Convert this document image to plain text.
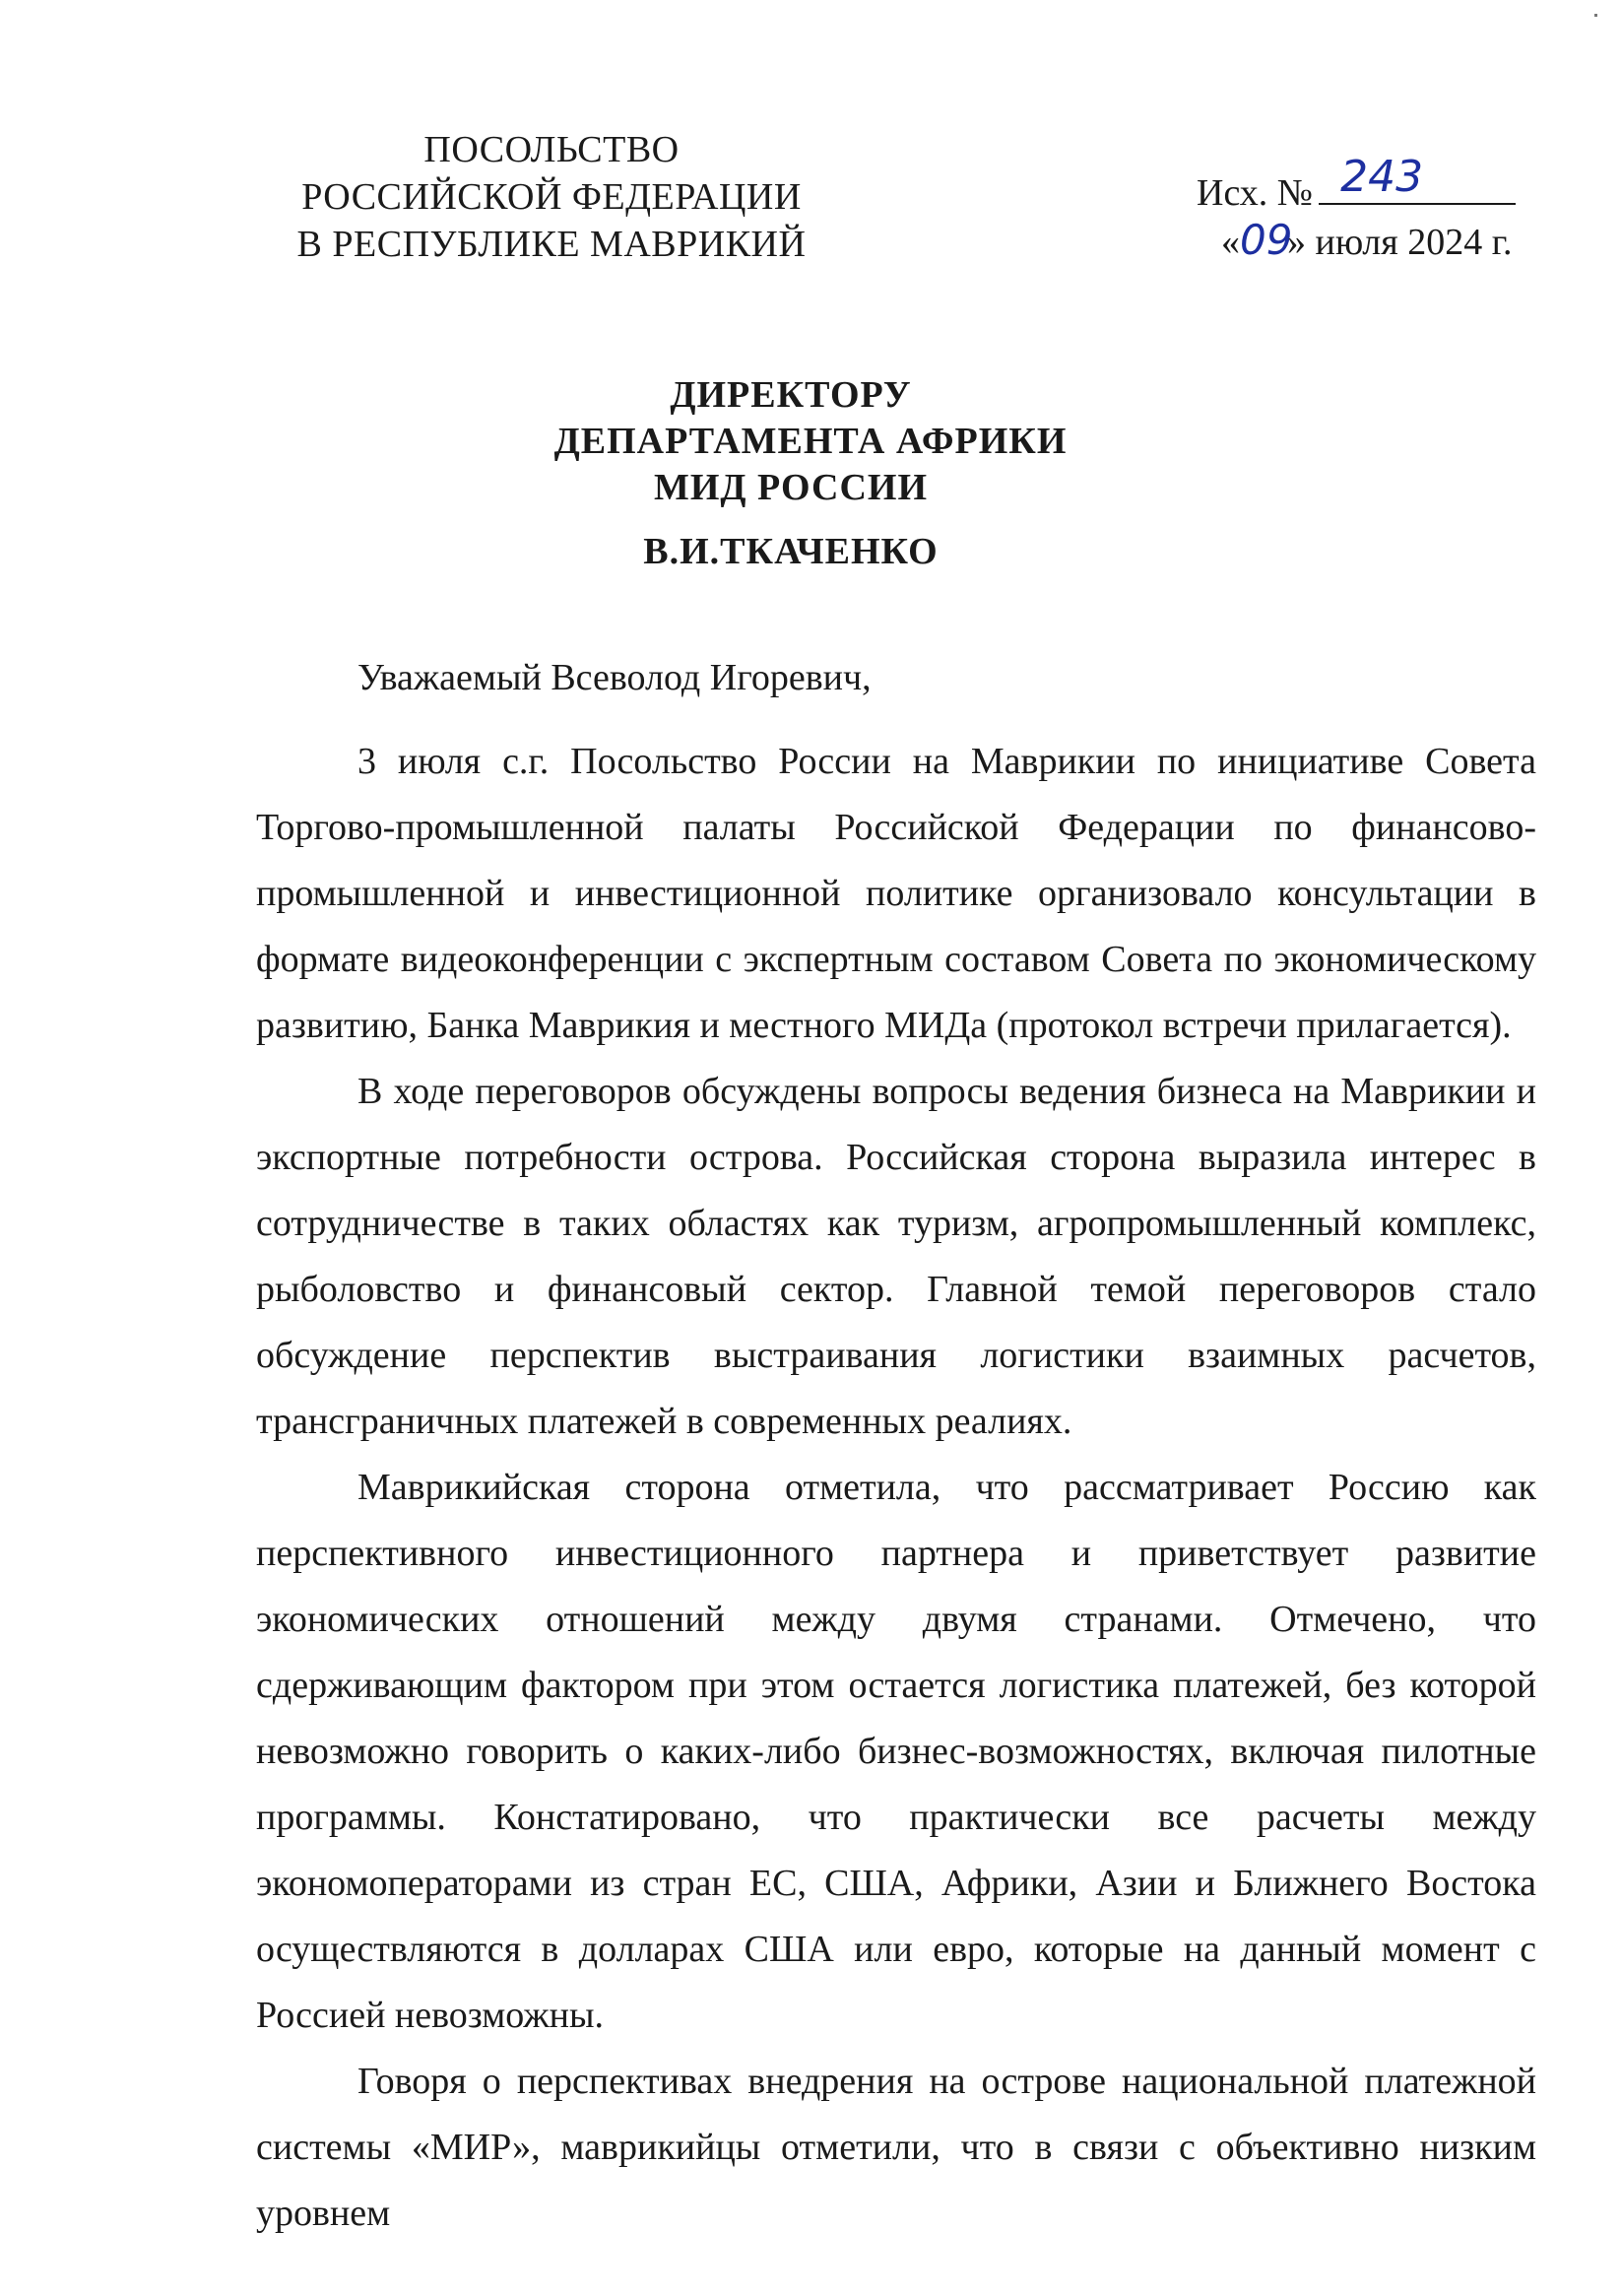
ПОСОЛЬСТВО
РОССИЙСКОЙ ФЕДЕРАЦИИ
В РЕСПУБЛИКЕ МАВРИКИЙ
Исх. № 243
«09» июля 2024 г.
ДИРЕКТОРУ
ДЕПАРТАМЕНТА АФРИКИ
МИД РОССИИ
В.И.ТКАЧЕНКО
Уважаемый Всеволод Игоревич,

3 июля с.г. Посольство России на Маврикии по инициативе Совета Торгово-промышленной палаты Российской Федерации по финансово-промышленной и инвестиционной политике организовало консультации в формате видеоконференции с экспертным составом Совета по экономическому развитию, Банка Маврикия и местного МИДа (протокол встречи прилагается).

В ходе переговоров обсуждены вопросы ведения бизнеса на Маврикии и экспортные потребности острова. Российская сторона выразила интерес в сотрудничестве в таких областях как туризм, агропромышленный комплекс, рыболовство и финансовый сектор. Главной темой переговоров стало обсуждение перспектив выстраивания логистики взаимных расчетов, трансграничных платежей в современных реалиях.

Маврикийская сторона отметила, что рассматривает Россию как перспективного инвестиционного партнера и приветствует развитие экономических отношений между двумя странами. Отмечено, что сдерживающим фактором при этом остается логистика платежей, без которой невозможно говорить о каких-либо бизнес-возможностях, включая пилотные программы. Констатировано, что практически все расчеты между экономоператорами из стран ЕС, США, Африки, Азии и Ближнего Востока осуществляются в долларах США или евро, которые на данный момент с Россией невозможны.

Говоря о перспективах внедрения на острове национальной платежной системы «МИР», маврикийцы отметили, что в связи с объективно низким уровнем
